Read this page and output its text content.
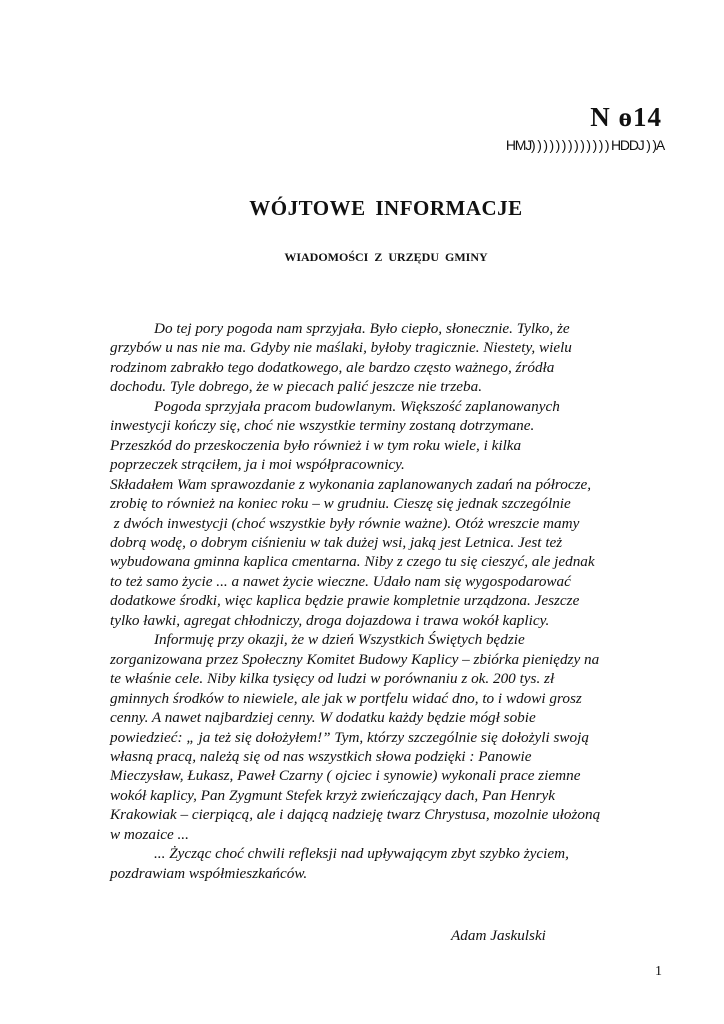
N ө14
HMJ) ) ) ) ) ) ) ) ) ) ) ) ) HDDJ ) )A
WÓJTOWE INFORMACJE
WIADOMOŚCI Z URZĘDU GMINY

Do tej pory pogoda nam sprzyjała. Było ciepło, słonecznie. Tylko, że

grzybów u nas nie ma. Gdyby nie maślaki, byłoby tragicznie. Niestety, wielu

rodzinom zabrakło tego dodatkowego, ale bardzo często ważnego, źródła

dochodu. Tyle dobrego, że w piecach palić jeszcze nie trzeba.

Pogoda sprzyjała pracom budowlanym. Większość zaplanowanych

inwestycji kończy się, choć nie wszystkie terminy zostaną dotrzymane.

Przeszkód do przeskoczenia było również i w tym roku wiele, i kilka

poprzeczek strąciłem, ja i moi współpracownicy.

Składałem Wam sprawozdanie z wykonania zaplanowanych zadań na półrocze,

zrobię to również na koniec roku – w grudniu. Cieszę się jednak szczególnie

z dwóch inwestycji (choć wszystkie były równie ważne). Otóż wreszcie mamy

dobrą wodę, o dobrym ciśnieniu w tak dużej wsi, jaką jest Letnica. Jest też

wybudowana gminna kaplica cmentarna. Niby z czego tu się cieszyć, ale jednak

to też samo życie ... a nawet życie wieczne. Udało nam się wygospodarować

dodatkowe środki, więc kaplica będzie prawie kompletnie urządzona. Jeszcze

tylko ławki, agregat chłodniczy, droga dojazdowa i trawa wokół kaplicy.

Informuję przy okazji, że w dzień Wszystkich Świętych będzie

zorganizowana przez Społeczny Komitet Budowy Kaplicy – zbiórka pieniędzy na

te właśnie cele. Niby kilka tysięcy od ludzi w porównaniu z ok. 200 tys. zł

gminnych środków to niewiele, ale jak w portfelu widać dno, to i wdowi grosz

cenny. A nawet najbardziej cenny. W dodatku każdy będzie mógł sobie

powiedzieć: „ ja też się dołożyłem!” Tym, którzy szczególnie się dołożyli swoją

własną pracą, należą się od nas wszystkich słowa podzięki : Panowie

Mieczysław, Łukasz, Paweł Czarny ( ojciec i synowie) wykonali prace ziemne

wokół kaplicy, Pan Zygmunt Stefek krzyż zwieńczający dach, Pan Henryk

Krakowiak – cierpiącą, ale i dającą nadzieję twarz Chrystusa, mozolnie ułożoną

w mozaice ...

... Życząc choć chwili refleksji nad upływającym zbyt szybko życiem,

pozdrawiam współmieszkańców.

Adam Jaskulski
1
